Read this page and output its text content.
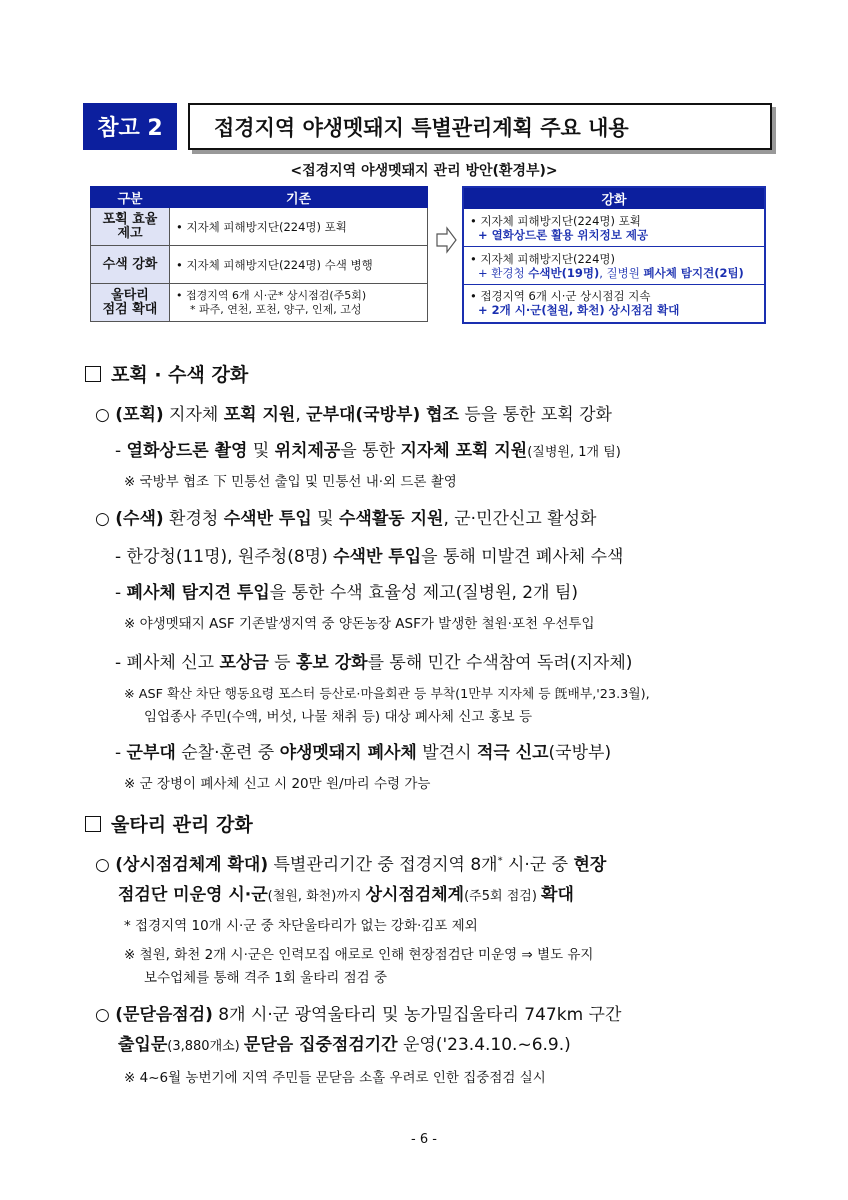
참고 2	접경지역 야생멧돼지 특별관리계획 주요 내용
<접경지역 야생멧돼지 관리 방안(환경부)>
구분	기존
포획 효율
제고	• 지자체 피해방지단(224명) 포획
수색 강화	• 지자체 피해방지단(224명) 수색 병행
울타리
점검 확대	• 접경지역 6개 시·군* 상시점검(주5회)
* 파주, 연천, 포천, 양구, 인제, 고성
강화
• 지자체 피해방지단(224명) 포획
+ 열화상드론 활용 위치정보 제공
• 지자체 피해방지단(224명)
+ 환경청 수색반(19명), 질병원 폐사체 탐지견(2팀)
• 접경지역 6개 시·군 상시점검 지속
+ 2개 시·군(철원, 화천) 상시점검 확대
포획 · 수색 강화
○ (포획) 지자체 포획 지원, 군부대(국방부) 협조 등을 통한 포획 강화
- 열화상드론 촬영 및 위치제공을 통한 지자체 포획 지원(질병원, 1개 팀)
※ 국방부 협조 下 민통선 출입 및 민통선 내·외 드론 촬영
○ (수색) 환경청 수색반 투입 및 수색활동 지원, 군·민간신고 활성화
- 한강청(11명), 원주청(8명) 수색반 투입을 통해 미발견 폐사체 수색
- 폐사체 탐지견 투입을 통한 수색 효율성 제고(질병원, 2개 팀)
※ 야생멧돼지 ASF 기존발생지역 중 양돈농장 ASF가 발생한 철원·포천 우선투입
- 폐사체 신고 포상금 등 홍보 강화를 통해 민간 수색참여 독려(지자체)
※ ASF 확산 차단 행동요령 포스터 등산로·마을회관 등 부착(1만부 지자체 등 旣배부,'23.3월),
임업종사 주민(수액, 버섯, 나물 채취 등) 대상 폐사체 신고 홍보 등
- 군부대 순찰·훈련 중 야생멧돼지 폐사체 발견시 적극 신고(국방부)
※ 군 장병이 폐사체 신고 시 20만 원/마리 수령 가능
울타리 관리 강화
○ (상시점검체계 확대) 특별관리기간 중 접경지역 8개* 시·군 중 현장
점검단 미운영 시·군(철원, 화천)까지 상시점검체계(주5회 점검) 확대
* 접경지역 10개 시·군 중 차단울타리가 없는 강화·김포 제외
※ 철원, 화천 2개 시·군은 인력모집 애로로 인해 현장점검단 미운영 ⇒ 별도 유지
보수업체를 통해 격주 1회 울타리 점검 중
○ (문닫음점검) 8개 시·군 광역울타리 및 농가밀집울타리 747km 구간
출입문(3,880개소) 문닫음 집중점검기간 운영('23.4.10.~6.9.)
※ 4~6월 농번기에 지역 주민들 문닫음 소홀 우려로 인한 집중점검 실시
- 6 -
